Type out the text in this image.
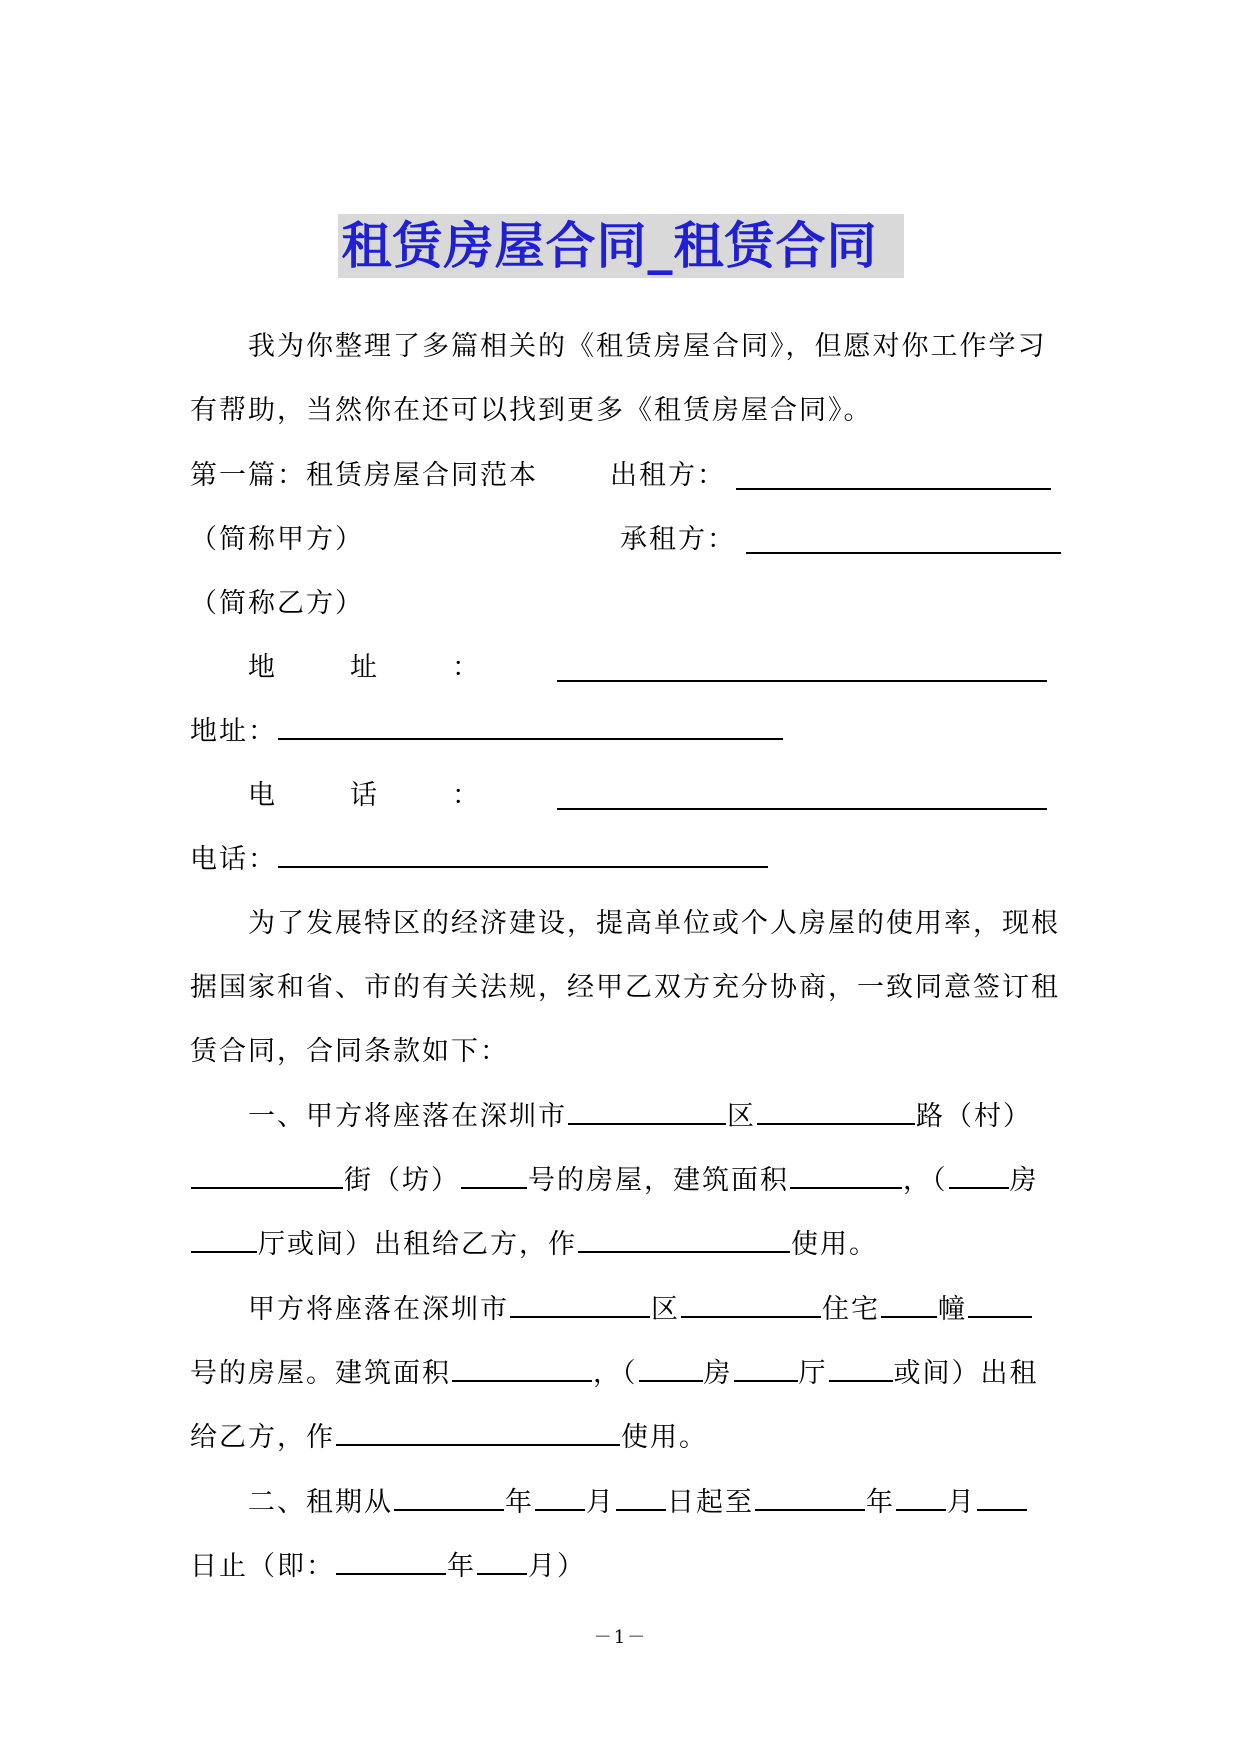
租赁房屋合同_租赁合同
我为你整理了多篇相关的《租赁房屋合同》，但愿对你工作学习
有帮助，当然你在还可以找到更多《租赁房屋合同》。
第一篇：租赁房屋合同范本	出租方：
（简称甲方）	承租方：
（简称乙方）
地	址	：
地址：
电	话	：
电话：
为了发展特区的经济建设，提高单位或个人房屋的使用率，现根
据国家和省、市的有关法规，经甲乙双方充分协商，一致同意签订租
赁合同，合同条款如下：
一、甲方将座落在深圳市	区	路（村）
街（坊）	号的房屋，建筑面积	，（ 房
厅或间）出租给乙方，作	使用。
甲方将座落在深圳市	区	住宅 幢
号的房屋。建筑面积	，（ 房 厅 或间）出租
给乙方，作	使用。
二、租期从	年 月 日起至	年 月
日止（即：	年 月）
－1－
